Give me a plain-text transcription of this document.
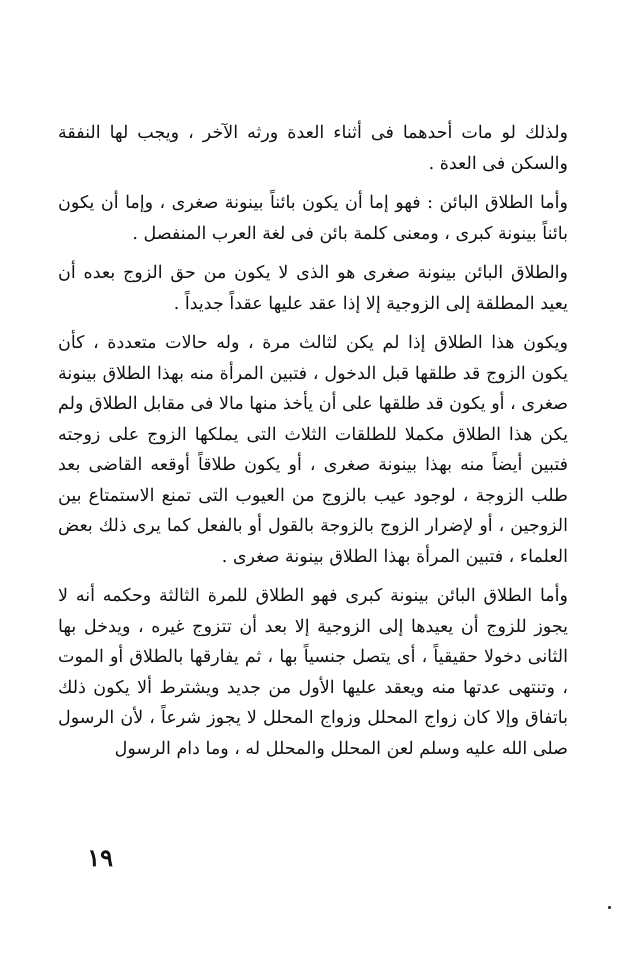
ولذلك لو مات أحدهما فى أثناء العدة ورثه الآخر ، ويجب لها النفقة والسكن فى العدة .

وأما الطلاق البائن : فهو إما أن يكون بائناً بينونة صغرى ، وإما أن يكون بائناً بينونة كبرى ، ومعنى كلمة بائن فى لغة العرب المنفصل .

والطلاق البائن بينونة صغرى هو الذى لا يكون من حق الزوج بعده أن يعيد المطلقة إلى الزوجية إلا إذا عقد عليها عقداً جديداً .

ويكون هذا الطلاق إذا لم يكن لثالث مرة ، وله حالات متعددة ، كأن يكون الزوج قد طلقها قبل الدخول ، فتبين المرأة منه بهذا الطلاق بينونة صغرى ، أو يكون قد طلقها على أن يأخذ منها مالا فى مقابل الطلاق ولم يكن هذا الطلاق مكملا للطلقات الثلاث التى يملكها الزوج على زوجته فتبين أيضاً منه بهذا بينونة صغرى ، أو يكون طلاقاً أوقعه القاضى بعد طلب الزوجة ، لوجود عيب بالزوج من العيوب التى تمنع الاستمتاع بين الزوجين ، أو لإضرار الزوج بالزوجة بالقول أو بالفعل كما يرى ذلك بعض العلماء ، فتبين المرأة بهذا الطلاق بينونة صغرى .

وأما الطلاق البائن بينونة كبرى فهو الطلاق للمرة الثالثة وحكمه أنه لا يجوز للزوج أن يعيدها إلى الزوجية إلا بعد أن تتزوج غيره ، ويدخل بها الثانى دخولا حقيقياً ، أى يتصل جنسياً بها ، ثم يفارقها بالطلاق أو الموت ، وتنتهى عدتها منه ويعقد عليها الأول من جديد ويشترط ألا يكون ذلك باتفاق وإلا كان زواج المحلل وزواج المحلل لا يجوز شرعاً ، لأن الرسول صلى الله عليه وسلم لعن المحلل والمحلل له ، وما دام الرسول

١٩
